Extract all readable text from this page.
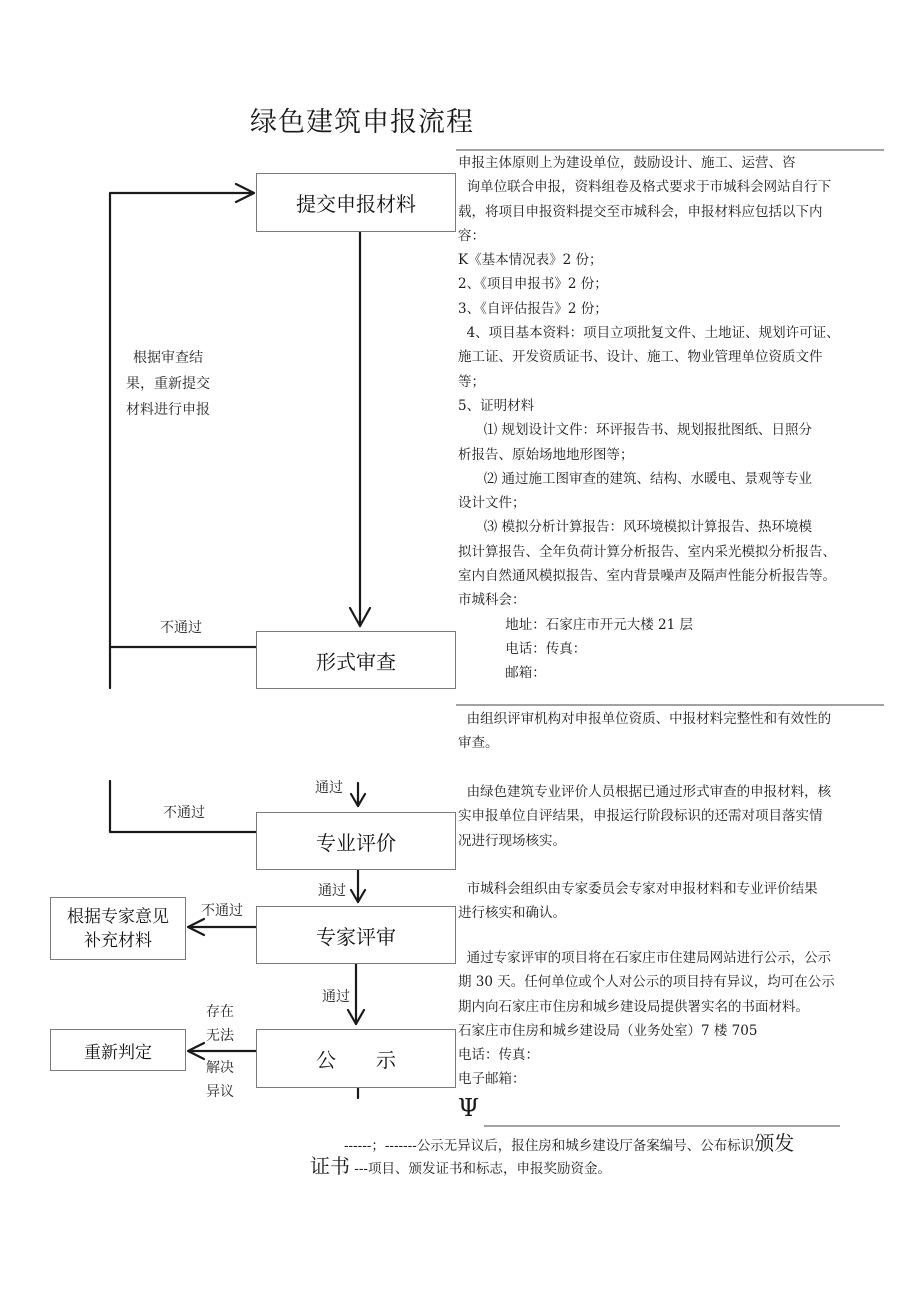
绿色建筑申报流程
提交申报材料
形式审查
专业评价
专家评审
公　　示
根据专家意见补充材料
重新判定
根据审查结果，重新提交材料进行申报
不通过
不通过
不通过
通过
通过
通过
存在
无法
解决
异议

申报主体原则上为建设单位，鼓励设计、施工、运营、咨

询单位联合申报，资料组卷及格式要求于市城科会网站自行下

载，将项目申报资料提交至市城科会，申报材料应包括以下内

容：

K《基本情况表》2 份；

2、《项目申报书》2 份；

3、《自评估报告》2 份；

4、项目基本资料：项目立项批复文件、土地证、规划许可证、

施工证、开发资质证书、设计、施工、物业管理单位资质文件

等；

5、证明材料

⑴ 规划设计文件：环评报告书、规划报批图纸、日照分

析报告、原始场地地形图等；

⑵ 通过施工图审查的建筑、结构、水暖电、景观等专业

设计文件；

⑶ 模拟分析计算报告：风环境模拟计算报告、热环境模

拟计算报告、全年负荷计算分析报告、室内采光模拟分析报告、

室内自然通风模拟报告、室内背景噪声及隔声性能分析报告等。

市城科会：

地址：石家庄市开元大楼 21 层

电话：传真：

邮箱：

由组织评审机构对申报单位资质、中报材料完整性和有效性的

审查。

由绿色建筑专业评价人员根据已通过形式审查的申报材料，核

实申报单位自评结果，申报运行阶段标识的还需对项目落实情

况进行现场核实。

市城科会组织由专家委员会专家对申报材料和专业评价结果

进行核实和确认。

通过专家评审的项目将在石家庄市住建局网站进行公示，公示

期 30 天。任何单位或个人对公示的项目持有异议，均可在公示

期内向石家庄市住房和城乡建设局提供署实名的书面材料。

石家庄市住房和城乡建设局（业务处室）7 楼 705

电话：传真：

电子邮箱：

Ψ
------；-------公示无异议后，报住房和城乡建设厅备案编号、公布标识颁发
证书 ---项目、颁发证书和标志，申报奖励资金。
